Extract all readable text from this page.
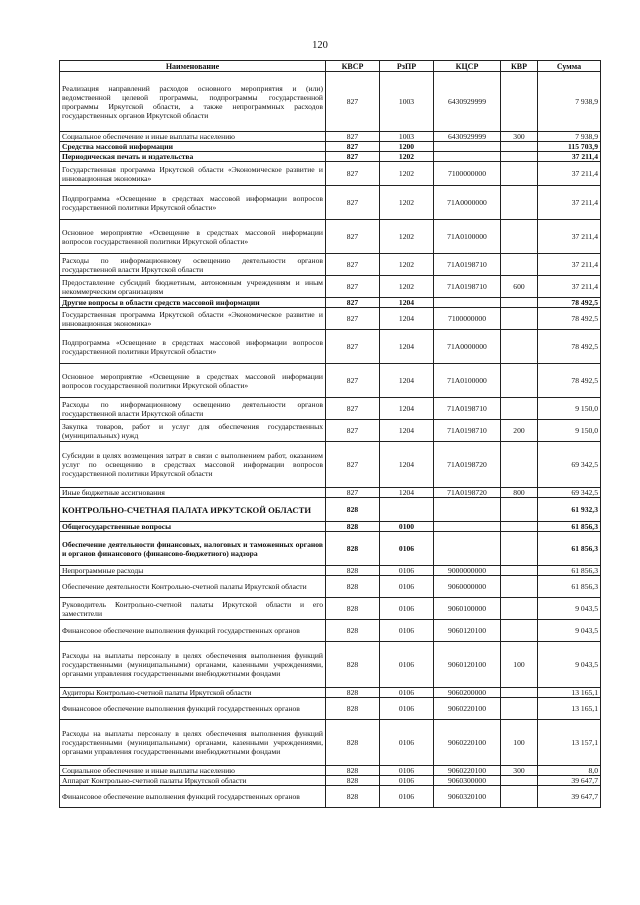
120
Наименование	КВСР	РзПР	КЦСР	КВР	Сумма
Реализация направлений расходов основного мероприятия и (или) ведомственной целевой программы, подпрограммы государственной программы Иркутской области, а также непрограммных расходов государственных органов Иркутской области	827	1003	6430929999		7 938,9
Социальное обеспечение и иные выплаты населению	827	1003	6430929999	300	7 938,9
Средства массовой информации	827	1200			115 703,9
Периодическая печать и издательства	827	1202			37 211,4
Государственная программа Иркутской области «Экономическое развитие и инновационная экономика»	827	1202	7100000000		37 211,4
Подпрограмма «Освещение в средствах массовой информации вопросов государственной политики Иркутской области»	827	1202	71А0000000		37 211,4
Основное мероприятие «Освещение в средствах массовой информации вопросов государственной политики Иркутской области»	827	1202	71А0100000		37 211,4
Расходы по информационному освещению деятельности органов государственной власти Иркутской области	827	1202	71А0198710		37 211,4
Предоставление субсидий бюджетным, автономным учреждениям и иным некоммерческим организациям	827	1202	71А0198710	600	37 211,4
Другие вопросы в области средств массовой информации	827	1204			78 492,5
Государственная программа Иркутской области «Экономическое развитие и инновационная экономика»	827	1204	7100000000		78 492,5
Подпрограмма «Освещение в средствах массовой информации вопросов государственной политики Иркутской области»	827	1204	71А0000000		78 492,5
Основное мероприятие «Освещение в средствах массовой информации вопросов государственной политики Иркутской области»	827	1204	71А0100000		78 492,5
Расходы по информационному освещению деятельности органов государственной власти Иркутской области	827	1204	71А0198710		9 150,0
Закупка товаров, работ и услуг для обеспечения государственных (муниципальных) нужд	827	1204	71А0198710	200	9 150,0
Субсидии в целях возмещения затрат в связи с выполнением работ, оказанием услуг по освещению в средствах массовой информации вопросов государственной политики Иркутской области	827	1204	71А0198720		69 342,5
Иные бюджетные ассигнования	827	1204	71А0198720	800	69 342,5
КОНТРОЛЬНО-СЧЕТНАЯ ПАЛАТА ИРКУТСКОЙ ОБЛАСТИ	828				61 932,3
Общегосударственные вопросы	828	0100			61 856,3
Обеспечение деятельности финансовых, налоговых и таможенных органов и органов финансового (финансово-бюджетного) надзора	828	0106			61 856,3
Непрограммные расходы	828	0106	9000000000		61 856,3
Обеспечение деятельности Контрольно-счетной палаты Иркутской области	828	0106	9060000000		61 856,3
Руководитель Контрольно-счетной палаты Иркутской области и его заместители	828	0106	9060100000		9 043,5
Финансовое обеспечение выполнения функций государственных органов	828	0106	9060120100		9 043,5
Расходы на выплаты персоналу в целях обеспечения выполнения функций государственными (муниципальными) органами, казенными учреждениями, органами управления государственными внебюджетными фондами	828	0106	9060120100	100	9 043,5
Аудиторы Контрольно-счетной палаты Иркутской области	828	0106	9060200000		13 165,1
Финансовое обеспечение выполнения функций государственных органов	828	0106	9060220100		13 165,1
Расходы на выплаты персоналу в целях обеспечения выполнения функций государственными (муниципальными) органами, казенными учреждениями, органами управления государственными внебюджетными фондами	828	0106	9060220100	100	13 157,1
Социальное обеспечение и иные выплаты населению	828	0106	9060220100	300	8,0
Аппарат Контрольно-счетной палаты Иркутской области	828	0106	9060300000		39 647,7
Финансовое обеспечение выполнения функций государственных органов	828	0106	9060320100		39 647,7
